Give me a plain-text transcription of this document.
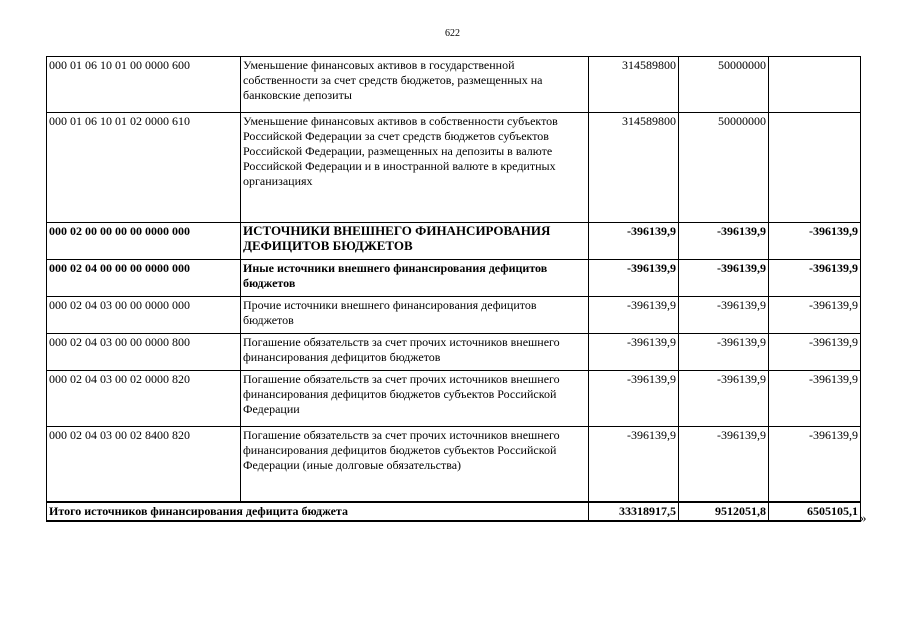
622
000 01 06 10 01 00 0000 600	Уменьшение финансовых активов в государственной собственности за счет средств бюджетов, размещенных на банковские депозиты	314589800	50000000	
000 01 06 10 01 02 0000 610	Уменьшение финансовых активов в собственности субъектов Российской Федерации за счет средств бюджетов субъектов Российской Федерации, размещенных на депозиты в валюте Российской Федерации и в иностранной валюте в кредитных организациях	314589800	50000000	
000 02 00 00 00 00 0000 000	ИСТОЧНИКИ ВНЕШНЕГО ФИНАНСИРОВАНИЯ ДЕФИЦИТОВ БЮДЖЕТОВ	-396139,9	-396139,9	-396139,9
000 02 04 00 00 00 0000 000	Иные источники внешнего финансирования дефицитов бюджетов	-396139,9	-396139,9	-396139,9
000 02 04 03 00 00 0000 000	Прочие источники внешнего финансирования дефицитов бюджетов	-396139,9	-396139,9	-396139,9
000 02 04 03 00 00 0000 800	Погашение обязательств за счет прочих источников внешнего финансирования дефицитов бюджетов	-396139,9	-396139,9	-396139,9
000 02 04 03 00 02 0000 820	Погашение обязательств за счет прочих источников внешнего финансирования дефицитов бюджетов субъектов Российской Федерации	-396139,9	-396139,9	-396139,9
000 02 04 03 00 02 8400 820	Погашение обязательств за счет прочих источников внешнего финансирования дефицитов бюджетов субъектов Российской Федерации (иные долговые обязательства)	-396139,9	-396139,9	-396139,9
Итого источников финансирования дефицита бюджета		33318917,5	9512051,8	6505105,1 »
